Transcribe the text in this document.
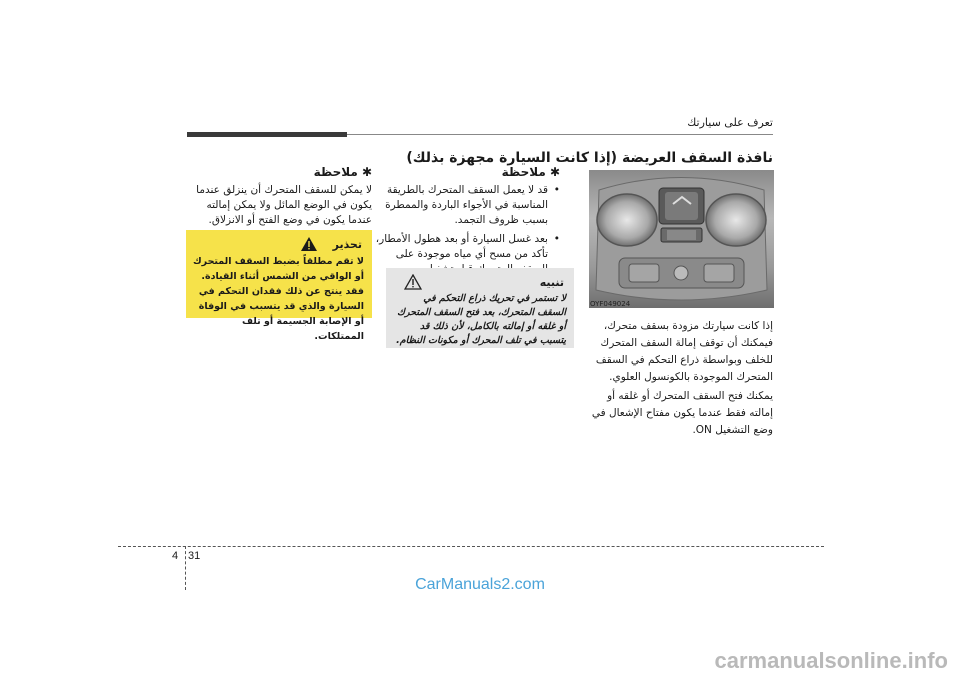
تعرف على سيارتك
نافذة السقف العريضة (إذا كانت السيارة مجهزة بذلك)
OYF049024
إذا كانت سيارتك مزودة بسقف متحرك، فيمكنك أن توقف إمالة السقف المتحرك للخلف وبواسطة ذراع التحكم في السقف المتحرك الموجودة بالكونسول العلوي.
يمكنك فتح السقف المتحرك أو غلقه أو إمالته فقط عندما يكون مفتاح الإشعال في وضع التشغيل ON.
✱ ملاحظة
• قد لا يعمل السقف المتحرك بالطريقة المناسبة في الأجواء الباردة والممطرة بسبب ظروف التجمد.
• بعد غسل السيارة أو بعد هطول الأمطار، تأكد من مسح أي مياه موجودة على
تنبيه
لا تستمر في تحريك ذراع التحكم في السقف المتحرك، بعد فتح السقف المتحرك أو غلقه أو إمالته بالكامل، لأن ذلك قد يتسبب في تلف المحرك أو مكونات النظام.
✱ ملاحظة
لا يمكن للسقف المتحرك أن ينزلق عندما يكون في الوضع المائل ولا يمكن إمالته عندما يكون في وضع الفتح أو الانزلاق.
تحذير
لا تقم مطلقاً بضبط السقف المتحرك أو الواقي من الشمس أثناء القيادة. فقد ينتج عن ذلك فقدان التحكم في السيارة والذي قد يتسبب في الوفاة أو الإصابة الجسيمة أو تلف الممتلكات.
31
4
CarManuals2.com
carmanualsonline.info
